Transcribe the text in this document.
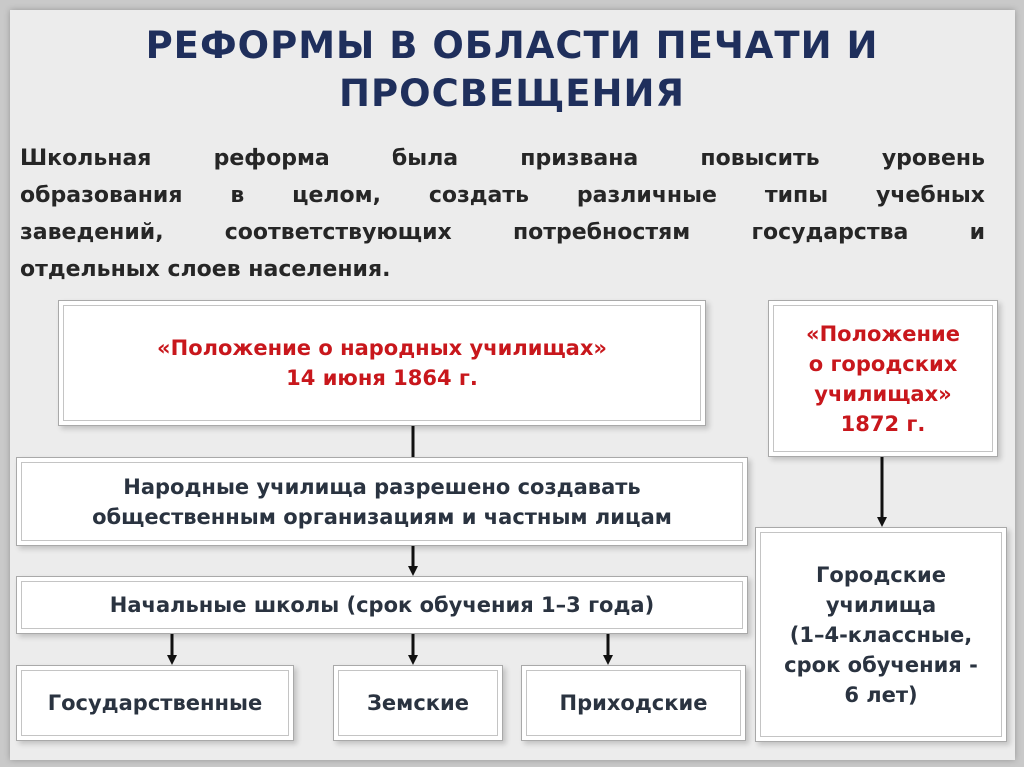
РЕФОРМЫ В ОБЛАСТИ ПЕЧАТИ И
ПРОСВЕЩЕНИЯ

Школьная реформа была призвана повысить уровень
образования в целом, создать различные типы учебных
заведений, соответствующих потребностям государства и
отдельных слоев населения.

«Положение о народных училищах»
14 июня 1864 г.
«Положение
о городских
училищах»
1872 г.
Народные училища разрешено создавать
общественным организациям и частным лицам
Начальные школы (срок обучения 1–3 года)
Городские
училища
(1–4-классные,
срок обучения -
6 лет)
Государственные	Земские	Приходские
